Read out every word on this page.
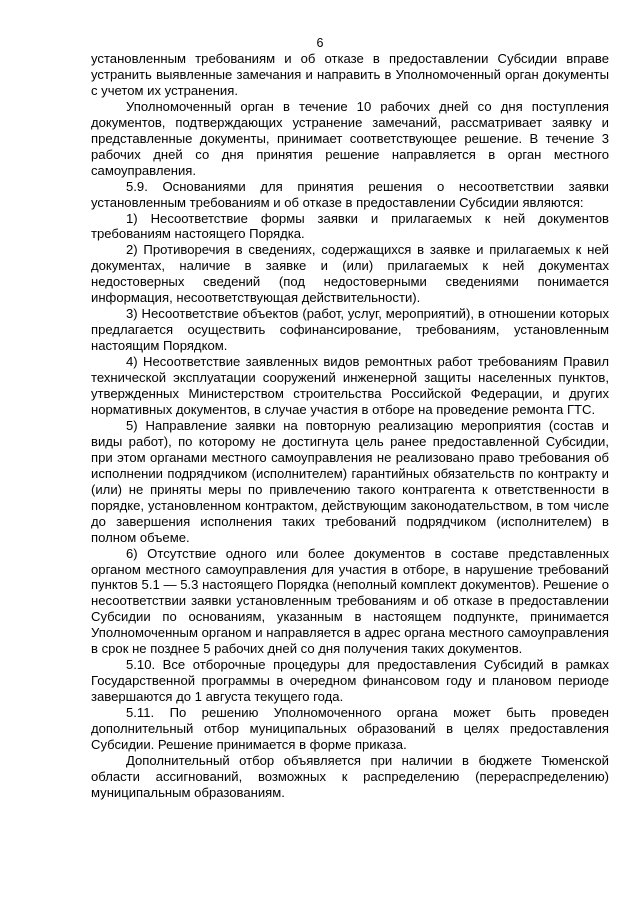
6

установленным требованиям и об отказе в предоставлении Субсидии вправе устранить выявленные замечания и направить в Уполномоченный орган документы с учетом их устранения.

Уполномоченный орган в течение 10 рабочих дней со дня поступления документов, подтверждающих устранение замечаний, рассматривает заявку и представленные документы, принимает соответствующее решение. В течение 3 рабочих дней со дня принятия решение направляется в орган местного самоуправления.

5.9. Основаниями для принятия решения о несоответствии заявки установленным требованиям и об отказе в предоставлении Субсидии являются:

1) Несоответствие формы заявки и прилагаемых к ней документов требованиям настоящего Порядка.

2) Противоречия в сведениях, содержащихся в заявке и прилагаемых к ней документах, наличие в заявке и (или) прилагаемых к ней документах недостоверных сведений (под недостоверными сведениями понимается информация, несоответствующая действительности).

3) Несоответствие объектов (работ, услуг, мероприятий), в отношении которых предлагается осуществить софинансирование, требованиям, установленным настоящим Порядком.

4) Несоответствие заявленных видов ремонтных работ требованиям Правил технической эксплуатации сооружений инженерной защиты населенных пунктов, утвержденных Министерством строительства Российской Федерации, и других нормативных документов, в случае участия в отборе на проведение ремонта ГТС.

5) Направление заявки на повторную реализацию мероприятия (состав и виды работ), по которому не достигнута цель ранее предоставленной Субсидии, при этом органами местного самоуправления не реализовано право требования об исполнении подрядчиком (исполнителем) гарантийных обязательств по контракту и (или) не приняты меры по привлечению такого контрагента к ответственности в порядке, установленном контрактом, действующим законодательством, в том числе до завершения исполнения таких требований подрядчиком (исполнителем) в полном объеме.

6) Отсутствие одного или более документов в составе представленных органом местного самоуправления для участия в отборе, в нарушение требований пунктов 5.1 — 5.3 настоящего Порядка (неполный комплект документов). Решение о несоответствии заявки установленным требованиям и об отказе в предоставлении Субсидии по основаниям, указанным в настоящем подпункте, принимается Уполномоченным органом и направляется в адрес органа местного самоуправления в срок не позднее 5 рабочих дней со дня получения таких документов.

5.10. Все отборочные процедуры для предоставления Субсидий в рамках Государственной программы в очередном финансовом году и плановом периоде завершаются до 1 августа текущего года.

5.11. По решению Уполномоченного органа может быть проведен дополнительный отбор муниципальных образований в целях предоставления Субсидии. Решение принимается в форме приказа.

Дополнительный отбор объявляется при наличии в бюджете Тюменской области ассигнований, возможных к распределению (перераспределению) муниципальным образованиям.
